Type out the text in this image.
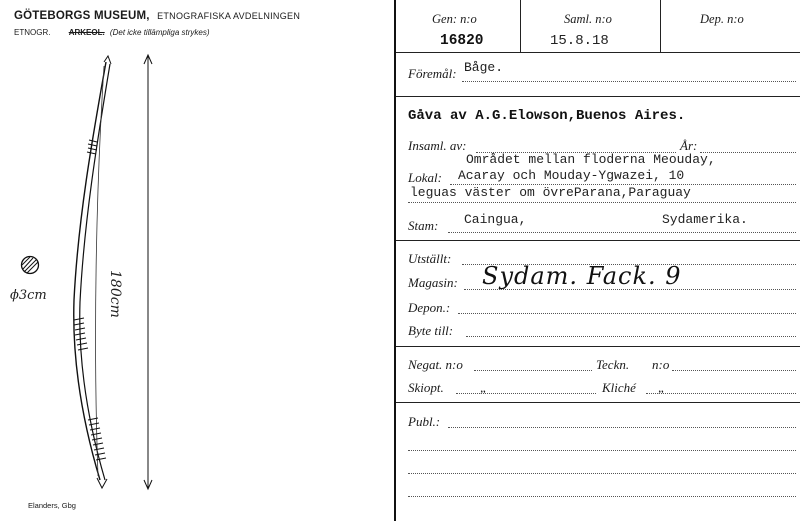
GÖTEBORGS MUSEUM, ETNOGRAFISKA AVDELNINGEN
ETNOGR. ARKEOL. (Det icke tillämpliga strykes)
ϕ3cm	180cm
Elanders, Gbg
Gen: n:o
16820
Saml. n:o
15.8.18
Dep. n:o
Föremål: Båge.
Gåva av A.G.Elowson,Buenos Aires.
Insaml. av:	År:
Området mellan floderna Meouday,
Lokal: Acaray och Mouday-Ygwazei, 10
leguas väster om övreParana,Paraguay
Stam: Caingua,	Sydamerika.
Utställt:
Magasin: Sydam. Fack. 9
Depon.:
Byte till:
Negat. n:o	Teckn. n:o
Skiopt.	„	Kliché „
Publ.:
